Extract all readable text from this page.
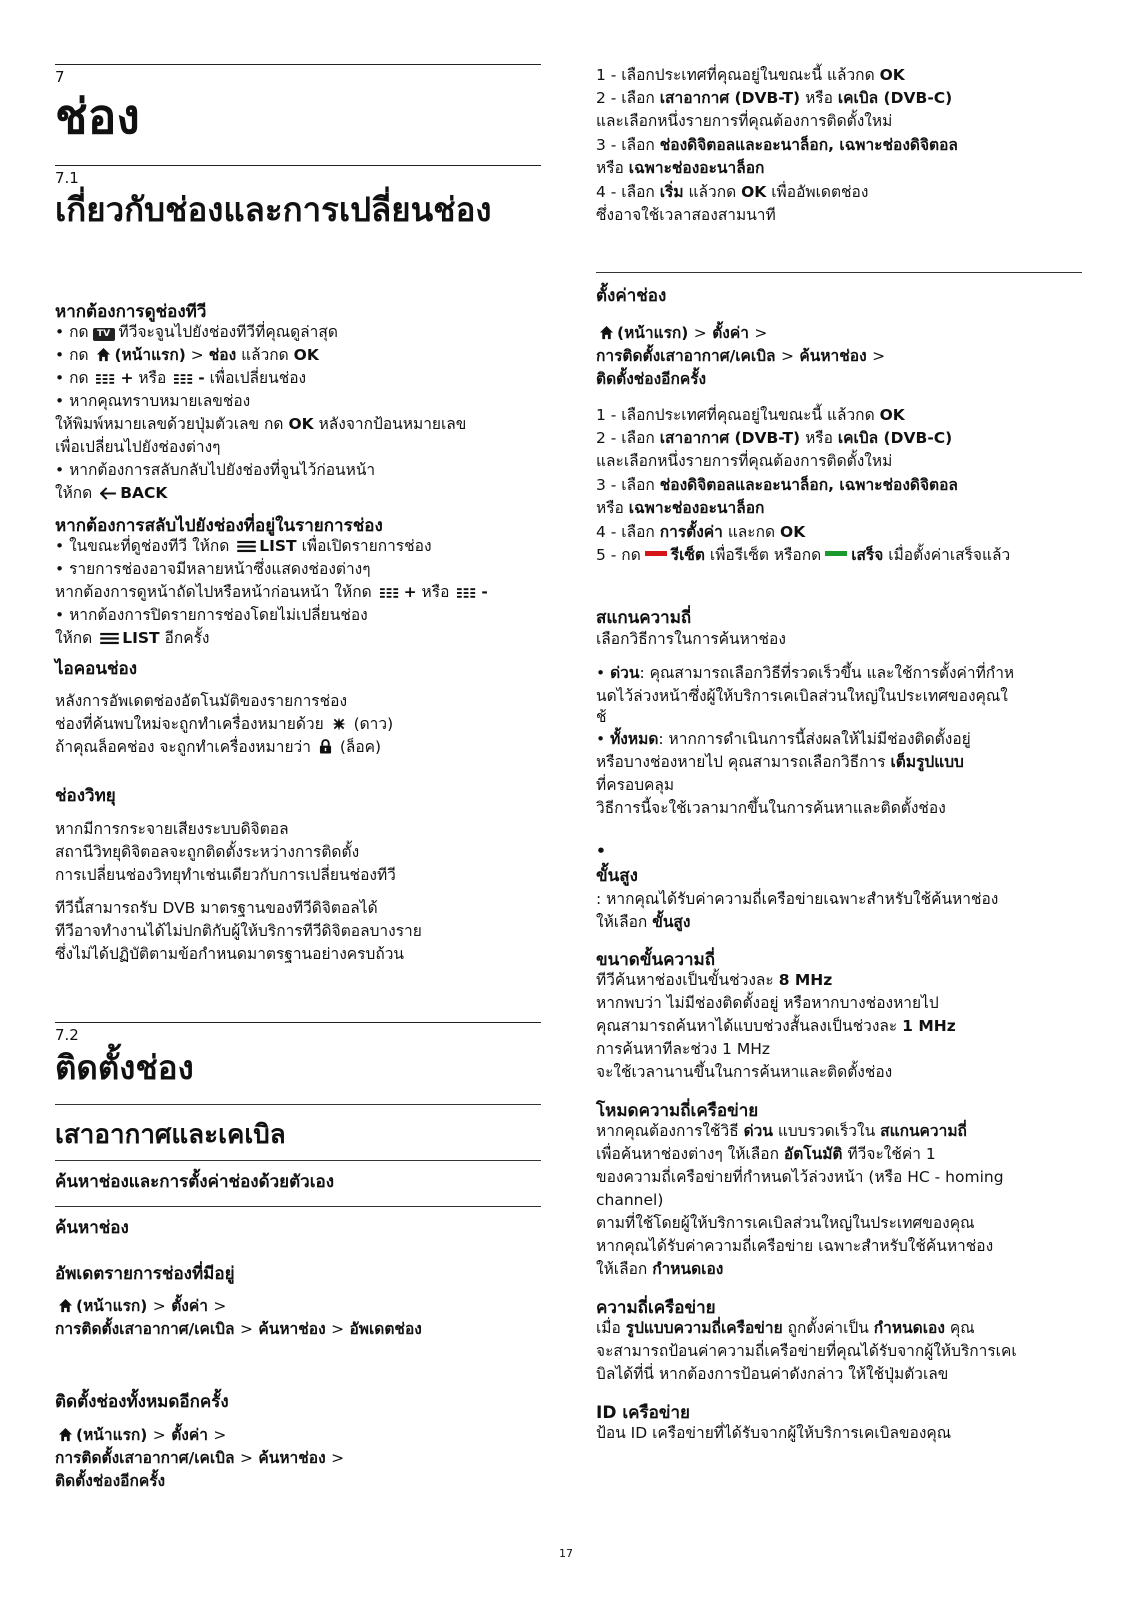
7
ช่อง
7.1
เกี่ยวกับช่องและการเปลี่ยนช่อง
หากต้องการดูช่องทีวี
• กด TV ทีวีจะจูนไปยังช่องทีวีที่คุณดูล่าสุด
• กด (หน้าแรก) > ช่อง แล้วกด OK
• กด + หรือ - เพื่อเปลี่ยนช่อง
• หากคุณทราบหมายเลขช่อง
ให้พิมพ์หมายเลขด้วยปุ่มตัวเลข กด OK หลังจากป้อนหมายเลข
เพื่อเปลี่ยนไปยังช่องต่างๆ
• หากต้องการสลับกลับไปยังช่องที่จูนไว้ก่อนหน้า
ให้กด BACK
หากต้องการสลับไปยังช่องที่อยู่ในรายการช่อง
• ในขณะที่ดูช่องทีวี ให้กด LIST เพื่อเปิดรายการช่อง
• รายการช่องอาจมีหลายหน้าซึ่งแสดงช่องต่างๆ
หากต้องการดูหน้าถัดไปหรือหน้าก่อนหน้า ให้กด + หรือ -
• หากต้องการปิดรายการช่องโดยไม่เปลี่ยนช่อง
ให้กด LIST อีกครั้ง
ไอคอนช่อง
หลังการอัพเดตช่องอัตโนมัติของรายการช่อง
ช่องที่ค้นพบใหม่จะถูกทำเครื่องหมายด้วย (ดาว)
ถ้าคุณล็อคช่อง จะถูกทำเครื่องหมายว่า (ล็อค)
ช่องวิทยุ
หากมีการกระจายเสียงระบบดิจิตอล
สถานีวิทยุดิจิตอลจะถูกติดตั้งระหว่างการติดตั้ง
การเปลี่ยนช่องวิทยุทำเช่นเดียวกับการเปลี่ยนช่องทีวี
ทีวีนี้สามารถรับ DVB มาตรฐานของทีวีดิจิตอลได้
ทีวีอาจทำงานได้ไม่ปกติกับผู้ให้บริการทีวีดิจิตอลบางราย
ซึ่งไม่ได้ปฏิบัติตามข้อกำหนดมาตรฐานอย่างครบถ้วน
7.2
ติดตั้งช่อง
เสาอากาศและเคเบิล
ค้นหาช่องและการตั้งค่าช่องด้วยตัวเอง
ค้นหาช่อง
อัพเดตรายการช่องที่มีอยู่
(หน้าแรก) > ตั้งค่า >
การติดตั้งเสาอากาศ/เคเบิล > ค้นหาช่อง > อัพเดตช่อง
ติดตั้งช่องทั้งหมดอีกครั้ง
(หน้าแรก) > ตั้งค่า >
การติดตั้งเสาอากาศ/เคเบิล > ค้นหาช่อง >
ติดตั้งช่องอีกครั้ง
1 - เลือกประเทศที่คุณอยู่ในขณะนี้ แล้วกด OK
2 - เลือก เสาอากาศ (DVB-T) หรือ เคเบิล (DVB-C)
และเลือกหนึ่งรายการที่คุณต้องการติดตั้งใหม่
3 - เลือก ช่องดิจิตอลและอะนาล็อก, เฉพาะช่องดิจิตอล
หรือ เฉพาะช่องอะนาล็อก
4 - เลือก เริ่ม แล้วกด OK เพื่ออัพเดตช่อง
ซึ่งอาจใช้เวลาสองสามนาที
ตั้งค่าช่อง
(หน้าแรก) > ตั้งค่า >
การติดตั้งเสาอากาศ/เคเบิล > ค้นหาช่อง >
ติดตั้งช่องอีกครั้ง
1 - เลือกประเทศที่คุณอยู่ในขณะนี้ แล้วกด OK
2 - เลือก เสาอากาศ (DVB-T) หรือ เคเบิล (DVB-C)
และเลือกหนึ่งรายการที่คุณต้องการติดตั้งใหม่
3 - เลือก ช่องดิจิตอลและอะนาล็อก, เฉพาะช่องดิจิตอล
หรือ เฉพาะช่องอะนาล็อก
4 - เลือก การตั้งค่า และกด OK
5 - กด รีเซ็ต เพื่อรีเซ็ต หรือกด เสร็จ เมื่อตั้งค่าเสร็จแล้ว
สแกนความถี่
เลือกวิธีการในการค้นหาช่อง
• ด่วน: คุณสามารถเลือกวิธีที่รวดเร็วขึ้น และใช้การตั้งค่าที่กำห
นดไว้ล่วงหน้าซึ่งผู้ให้บริการเคเบิลส่วนใหญ่ในประเทศของคุณใ
ช้
• ทั้งหมด: หากการดำเนินการนี้ส่งผลให้ไม่มีช่องติดตั้งอยู่
หรือบางช่องหายไป คุณสามารถเลือกวิธีการ เต็มรูปแบบ
ที่ครอบคลุม
วิธีการนี้จะใช้เวลามากขึ้นในการค้นหาและติดตั้งช่อง
•
ขั้นสูง
: หากคุณได้รับค่าความถี่เครือข่ายเฉพาะสำหรับใช้ค้นหาช่อง
ให้เลือก ขั้นสูง
ขนาดขั้นความถี่
ทีวีค้นหาช่องเป็นขั้นช่วงละ 8 MHz
หากพบว่า ไม่มีช่องติดตั้งอยู่ หรือหากบางช่องหายไป
คุณสามารถค้นหาได้แบบช่วงสั้นลงเป็นช่วงละ 1 MHz
การค้นหาทีละช่วง 1 MHz
จะใช้เวลานานขึ้นในการค้นหาและติดตั้งช่อง
โหมดความถี่เครือข่าย
หากคุณต้องการใช้วิธี ด่วน แบบรวดเร็วใน สแกนความถี่
เพื่อค้นหาช่องต่างๆ ให้เลือก อัตโนมัติ ทีวีจะใช้ค่า 1
ของความถี่เครือข่ายที่กำหนดไว้ล่วงหน้า (หรือ HC - homing
channel)
ตามที่ใช้โดยผู้ให้บริการเคเบิลส่วนใหญ่ในประเทศของคุณ
หากคุณได้รับค่าความถี่เครือข่าย เฉพาะสำหรับใช้ค้นหาช่อง
ให้เลือก กำหนดเอง
ความถี่เครือข่าย
เมื่อ รูปแบบความถี่เครือข่าย ถูกตั้งค่าเป็น กำหนดเอง คุณ
จะสามารถป้อนค่าความถี่เครือข่ายที่คุณได้รับจากผู้ให้บริการเคเ
บิลได้ที่นี่ หากต้องการป้อนค่าดังกล่าว ให้ใช้ปุ่มตัวเลข
ID เครือข่าย
ป้อน ID เครือข่ายที่ได้รับจากผู้ให้บริการเคเบิลของคุณ
17
